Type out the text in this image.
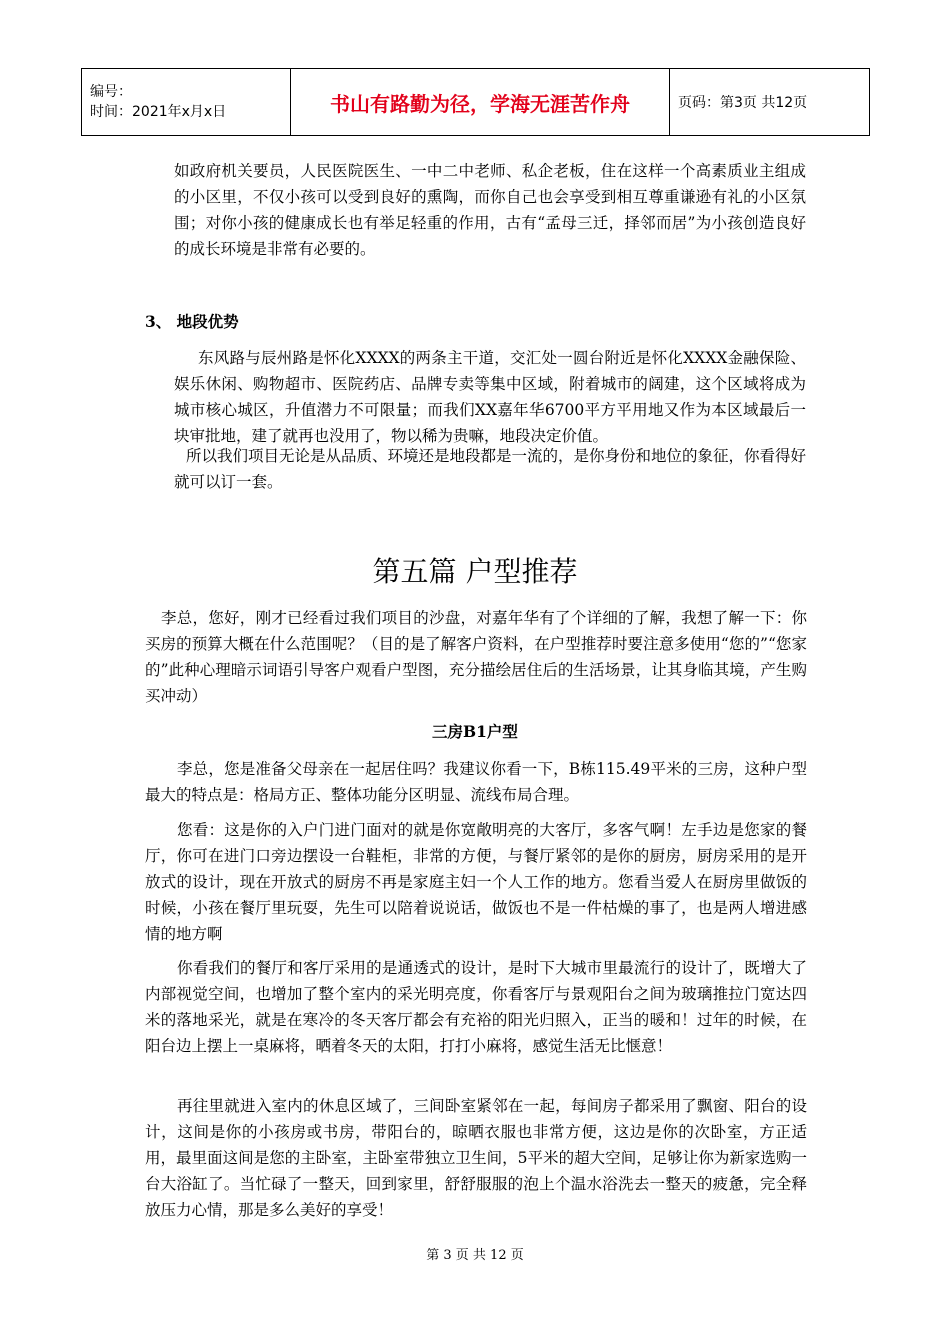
编号：
时间：2021年x月x日	书山有路勤为径，学海无涯苦作舟	页码：第3页 共12页

如政府机关要员，人民医院医生、一中二中老师、私企老板，住在这样一个高素质业主组成的小区里，不仅小孩可以受到良好的熏陶，而你自己也会享受到相互尊重谦逊有礼的小区氛围；对你小孩的健康成长也有举足轻重的作用，古有“孟母三迁，择邻而居”为小孩创造良好的成长环境是非常有必要的。

3、 地段优势

东风路与辰州路是怀化XXXX的两条主干道，交汇处一圆台附近是怀化XXXX金融保险、娱乐休闲、购物超市、医院药店、品牌专卖等集中区域，附着城市的阔建，这个区域将成为城市核心城区，升值潜力不可限量；而我们XX嘉年华6700平方平用地又作为本区域最后一块审批地，建了就再也没用了，物以稀为贵嘛，地段决定价值。

所以我们项目无论是从品质、环境还是地段都是一流的，是你身份和地位的象征，你看得好就可以订一套。

第五篇 户型推荐

李总，您好，刚才已经看过我们项目的沙盘，对嘉年华有了个详细的了解，我想了解一下：你买房的预算大概在什么范围呢？（目的是了解客户资料，在户型推荐时要注意多使用“您的”“您家的”此种心理暗示词语引导客户观看户型图，充分描绘居住后的生活场景，让其身临其境，产生购买冲动）

三房B1户型

李总，您是准备父母亲在一起居住吗？我建议你看一下，B栋115.49平米的三房，这种户型最大的特点是：格局方正、整体功能分区明显、流线布局合理。

您看：这是你的入户门进门面对的就是你宽敞明亮的大客厅，多客气啊！左手边是您家的餐厅，你可在进门口旁边摆设一台鞋柜，非常的方便，与餐厅紧邻的是你的厨房，厨房采用的是开放式的设计，现在开放式的厨房不再是家庭主妇一个人工作的地方。您看当爱人在厨房里做饭的时候，小孩在餐厅里玩耍，先生可以陪着说说话，做饭也不是一件枯燥的事了，也是两人增进感情的地方啊

你看我们的餐厅和客厅采用的是通透式的设计，是时下大城市里最流行的设计了，既增大了内部视觉空间，也增加了整个室内的采光明亮度，你看客厅与景观阳台之间为玻璃推拉门宽达四米的落地采光，就是在寒冷的冬天客厅都会有充裕的阳光归照入，正当的暖和！过年的时候，在阳台边上摆上一桌麻将，晒着冬天的太阳，打打小麻将，感觉生活无比惬意！

再往里就进入室内的休息区域了，三间卧室紧邻在一起，每间房子都采用了飘窗、阳台的设计，这间是你的小孩房或书房，带阳台的，晾晒衣服也非常方便，这边是你的次卧室，方正适用，最里面这间是您的主卧室，主卧室带独立卫生间，5平米的超大空间，足够让你为新家选购一台大浴缸了。当忙碌了一整天，回到家里，舒舒服服的泡上个温水浴洗去一整天的疲惫，完全释放压力心情，那是多么美好的享受！

第 3 页 共 12 页
